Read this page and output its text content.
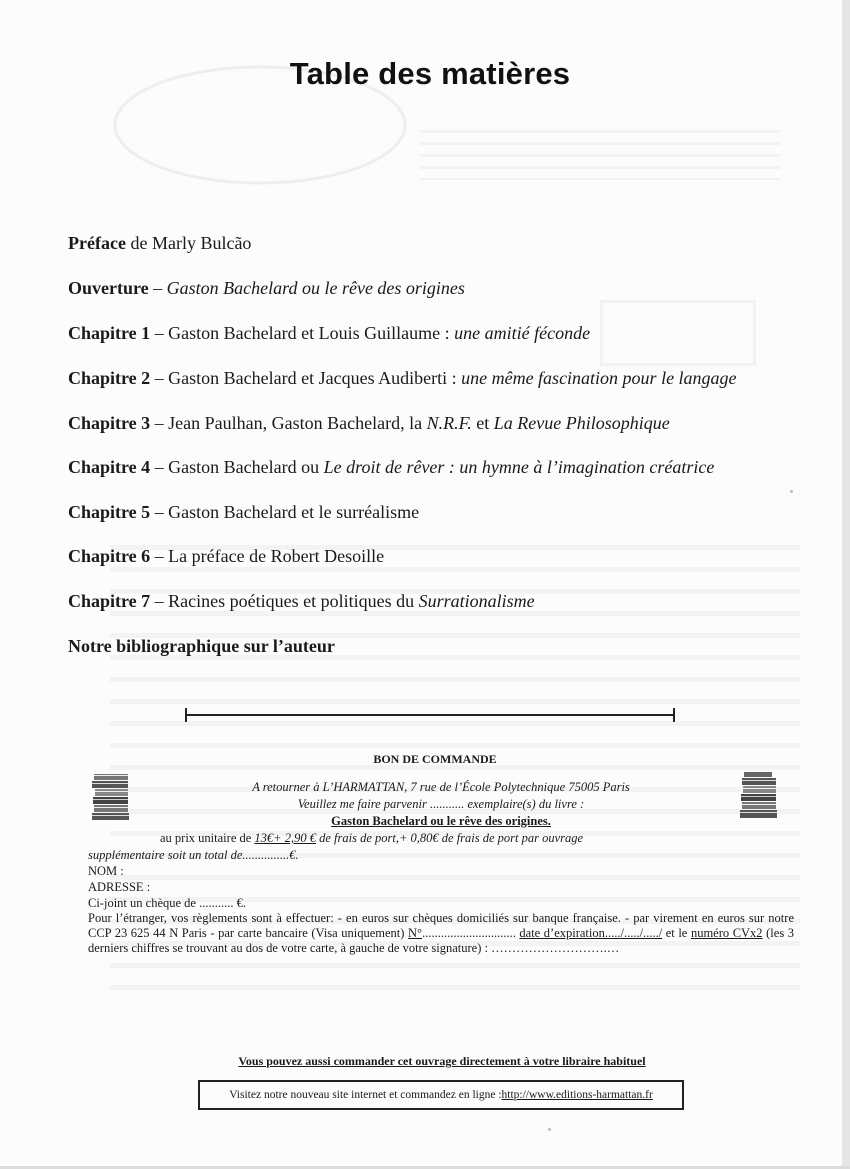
Table des matières
Préface de Marly Bulcão
Ouverture – Gaston Bachelard ou le rêve des origines
Chapitre 1 – Gaston Bachelard et Louis Guillaume : une amitié féconde
Chapitre 2 – Gaston Bachelard et Jacques Audiberti : une même fascination pour le langage
Chapitre 3 – Jean Paulhan, Gaston Bachelard, la N.R.F. et La Revue Philosophique
Chapitre 4 – Gaston Bachelard ou Le droit de rêver : un hymne à l’imagination créatrice
Chapitre 5 – Gaston Bachelard et le surréalisme
Chapitre 6 – La préface de Robert Desoille
Chapitre 7 – Racines poétiques et politiques du Surrationalisme
Notre bibliographique sur l’auteur
BON DE COMMANDE
A retourner à L’HARMATTAN, 7 rue de l’École Polytechnique 75005 Paris
Veuillez me faire parvenir ........... exemplaire(s) du livre :
Gaston Bachelard ou le rêve des origines.
au prix unitaire de 13€+ 2,90 € de frais de port,+ 0,80€ de frais de port par ouvrage
supplémentaire soit un total de...............€.
NOM :
ADRESSE :
Ci-joint un chèque de ........... €.
Pour l’étranger, vos règlements sont à effectuer: - en euros sur chèques domiciliés sur banque française. - par virement en euros sur notre CCP 23 625 44 N Paris - par carte bancaire (Visa uniquement) N°.............................. date d’expiration...../...../...../ et le numéro CVx2 (les 3 derniers chiffres se trouvant au dos de votre carte, à gauche de votre signature) : ……………………….…
Vous pouvez aussi commander cet ouvrage directement à votre libraire habituel
Visitez notre nouveau site internet et commandez en ligne : http://www.editions-harmattan.fr
